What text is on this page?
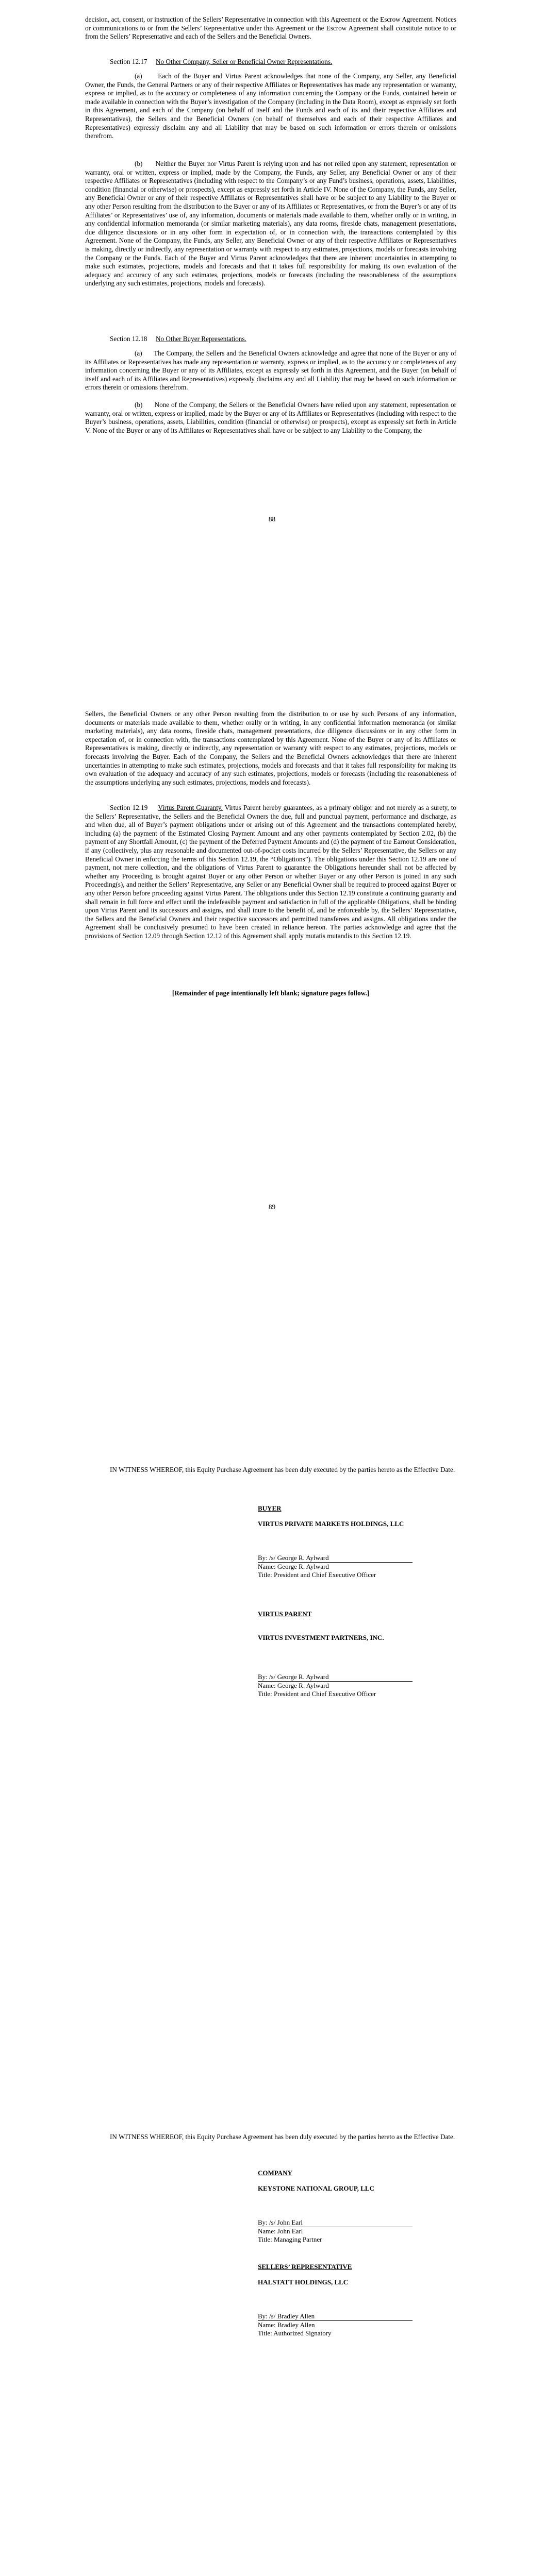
decision, act, consent, or instruction of the Sellers’ Representative in connection with this Agreement or the Escrow Agreement. Notices or communications to or from the Sellers’ Representative under this Agreement or the Escrow Agreement shall constitute notice to or from the Sellers’ Representative and each of the Sellers and the Beneficial Owners.

Section 12.17 No Other Company, Seller or Beneficial Owner Representations.

(a)      Each of the Buyer and Virtus Parent acknowledges that none of the Company, any Seller, any Beneficial Owner, the Funds, the General Partners or any of their respective Affiliates or Representatives has made any representation or warranty, express or implied, as to the accuracy or completeness of any information concerning the Company or the Funds, contained herein or made available in connection with the Buyer’s investigation of the Company (including in the Data Room), except as expressly set forth in this Agreement, and each of the Company (on behalf of itself and the Funds and each of its and their respective Affiliates and Representatives), the Sellers and the Beneficial Owners (on behalf of themselves and each of their respective Affiliates and Representatives) expressly disclaim any and all Liability that may be based on such information or errors therein or omissions therefrom.

(b)      Neither the Buyer nor Virtus Parent is relying upon and has not relied upon any statement, representation or warranty, oral or written, express or implied, made by the Company, the Funds, any Seller, any Beneficial Owner or any of their respective Affiliates or Representatives (including with respect to the Company’s or any Fund’s business, operations, assets, Liabilities, condition (financial or otherwise) or prospects), except as expressly set forth in Article IV. None of the Company, the Funds, any Seller, any Beneficial Owner or any of their respective Affiliates or Representatives shall have or be subject to any Liability to the Buyer or any other Person resulting from the distribution to the Buyer or any of its Affiliates or Representatives, or from the Buyer’s or any of its Affiliates’ or Representatives’ use of, any information, documents or materials made available to them, whether orally or in writing, in any confidential information memoranda (or similar marketing materials), any data rooms, fireside chats, management presentations, due diligence discussions or in any other form in expectation of, or in connection with, the transactions contemplated by this Agreement. None of the Company, the Funds, any Seller, any Beneficial Owner or any of their respective Affiliates or Representatives is making, directly or indirectly, any representation or warranty with respect to any estimates, projections, models or forecasts involving the Company or the Funds. Each of the Buyer and Virtus Parent acknowledges that there are inherent uncertainties in attempting to make such estimates, projections, models and forecasts and that it takes full responsibility for making its own evaluation of the adequacy and accuracy of any such estimates, projections, models or forecasts (including the reasonableness of the assumptions underlying any such estimates, projections, models and forecasts).

Section 12.18 No Other Buyer Representations.

(a)      The Company, the Sellers and the Beneficial Owners acknowledge and agree that none of the Buyer or any of its Affiliates or Representatives has made any representation or warranty, express or implied, as to the accuracy or completeness of any information concerning the Buyer or any of its Affiliates, except as expressly set forth in this Agreement, and the Buyer (on behalf of itself and each of its Affiliates and Representatives) expressly disclaims any and all Liability that may be based on such information or errors therein or omissions therefrom.

(b)      None of the Company, the Sellers or the Beneficial Owners have relied upon any statement, representation or warranty, oral or written, express or implied, made by the Buyer or any of its Affiliates or Representatives (including with respect to the Buyer’s business, operations, assets, Liabilities, condition (financial or otherwise) or prospects), except as expressly set forth in Article V. None of the Buyer or any of its Affiliates or Representatives shall have or be subject to any Liability to the Company, the

88

Sellers, the Beneficial Owners or any other Person resulting from the distribution to or use by such Persons of any information, documents or materials made available to them, whether orally or in writing, in any confidential information memoranda (or similar marketing materials), any data rooms, fireside chats, management presentations, due diligence discussions or in any other form in expectation of, or in connection with, the transactions contemplated by this Agreement. None of the Buyer or any of its Affiliates or Representatives is making, directly or indirectly, any representation or warranty with respect to any estimates, projections, models or forecasts involving the Buyer. Each of the Company, the Sellers and the Beneficial Owners acknowledges that there are inherent uncertainties in attempting to make such estimates, projections, models and forecasts and that it takes full responsibility for making its own evaluation of the adequacy and accuracy of any such estimates, projections, models or forecasts (including the reasonableness of the assumptions underlying any such estimates, projections, models and forecasts).

Section 12.19 Virtus Parent Guaranty. Virtus Parent hereby guarantees, as a primary obligor and not merely as a surety, to the Sellers’ Representative, the Sellers and the Beneficial Owners the due, full and punctual payment, performance and discharge, as and when due, all of Buyer’s payment obligations under or arising out of this Agreement and the transactions contemplated hereby, including (a) the payment of the Estimated Closing Payment Amount and any other payments contemplated by Section 2.02, (b) the payment of any Shortfall Amount, (c) the payment of the Deferred Payment Amounts and (d) the payment of the Earnout Consideration, if any (collectively, plus any reasonable and documented out-of-pocket costs incurred by the Sellers’ Representative, the Sellers or any Beneficial Owner in enforcing the terms of this Section 12.19, the “Obligations”). The obligations under this Section 12.19 are one of payment, not mere collection, and the obligations of Virtus Parent to guarantee the Obligations hereunder shall not be affected by whether any Proceeding is brought against Buyer or any other Person or whether Buyer or any other Person is joined in any such Proceeding(s), and neither the Sellers’ Representative, any Seller or any Beneficial Owner shall be required to proceed against Buyer or any other Person before proceeding against Virtus Parent. The obligations under this Section 12.19 constitute a continuing guaranty and shall remain in full force and effect until the indefeasible payment and satisfaction in full of the applicable Obligations, shall be binding upon Virtus Parent and its successors and assigns, and shall inure to the benefit of, and be enforceable by, the Sellers’ Representative, the Sellers and the Beneficial Owners and their respective successors and permitted transferees and assigns. All obligations under the Agreement shall be conclusively presumed to have been created in reliance hereon. The parties acknowledge and agree that the provisions of Section 12.09 through Section 12.12 of this Agreement shall apply mutatis mutandis to this Section 12.19.

[Remainder of page intentionally left blank; signature pages follow.]

89

IN WITNESS WHEREOF, this Equity Purchase Agreement has been duly executed by the parties hereto as the Effective Date.

BUYER
VIRTUS PRIVATE MARKETS HOLDINGS, LLC
By: /s/ George R. Aylward
Name: George R. Aylward
Title: President and Chief Executive Officer
VIRTUS PARENT
VIRTUS INVESTMENT PARTNERS, INC.
By: /s/ George R. Aylward
Name: George R. Aylward
Title: President and Chief Executive Officer

IN WITNESS WHEREOF, this Equity Purchase Agreement has been duly executed by the parties hereto as the Effective Date.

COMPANY
KEYSTONE NATIONAL GROUP, LLC
By: /s/ John Earl
Name: John Earl
Title: Managing Partner
SELLERS’ REPRESENTATIVE
HALSTATT HOLDINGS, LLC
By: /s/ Bradley Allen
Name: Bradley Allen
Title: Authorized Signatory
